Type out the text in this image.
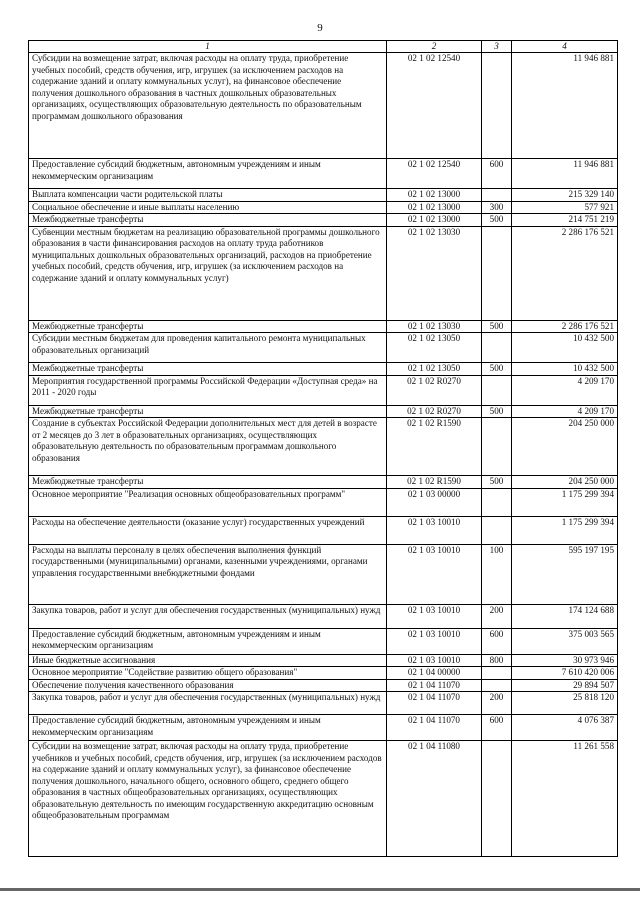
9
1	2	3	4
Субсидии на возмещение затрат, включая расходы на оплату труда, приобретение учебных пособий, средств обучения, игр, игрушек (за исключением расходов на содержание зданий и оплату коммунальных услуг), на финансовое обеспечение получения дошкольного образования в частных дошкольных образовательных организациях, осуществляющих образовательную деятельность по образовательным программам дошкольного образования	02 1 02 12540		11 946 881
Предоставление субсидий бюджетным, автономным учреждениям и иным некоммерческим организациям	02 1 02 12540	600	11 946 881
Выплата компенсации части родительской платы	02 1 02 13000		215 329 140
Социальное обеспечение и иные выплаты населению	02 1 02 13000	300	577 921
Межбюджетные трансферты	02 1 02 13000	500	214 751 219
Субвенции местным бюджетам на реализацию образовательной программы дошкольного образования в части финансирования расходов на оплату труда работников муниципальных дошкольных образовательных организаций, расходов на приобретение учебных пособий, средств обучения, игр, игрушек (за исключением расходов на содержание зданий и оплату коммунальных услуг)	02 1 02 13030		2 286 176 521
Межбюджетные трансферты	02 1 02 13030	500	2 286 176 521
Субсидии местным бюджетам для проведения капитального ремонта муниципальных образовательных организаций	02 1 02 13050		10 432 500
Межбюджетные трансферты	02 1 02 13050	500	10 432 500
Мероприятия государственной программы Российской Федерации «Доступная среда» на 2011 - 2020 годы	02 1 02 R0270		4 209 170
Межбюджетные трансферты	02 1 02 R0270	500	4 209 170
Создание в субъектах Российской Федерации дополнительных мест для детей в возрасте от 2 месяцев до 3 лет в образовательных организациях, осуществляющих образовательную деятельность по образовательным программам дошкольного образования	02 1 02 R1590		204 250 000
Межбюджетные трансферты	02 1 02 R1590	500	204 250 000
Основное мероприятие "Реализация основных общеобразовательных программ"	02 1 03 00000		1 175 299 394
Расходы на обеспечение деятельности (оказание услуг) государственных учреждений	02 1 03 10010		1 175 299 394
Расходы на выплаты персоналу в целях обеспечения выполнения функций государственными (муниципальными) органами, казенными учреждениями, органами управления государственными внебюджетными фондами	02 1 03 10010	100	595 197 195
Закупка товаров, работ и услуг для обеспечения государственных (муниципальных) нужд	02 1 03 10010	200	174 124 688
Предоставление субсидий бюджетным, автономным учреждениям и иным некоммерческим организациям	02 1 03 10010	600	375 003 565
Иные бюджетные ассигнования	02 1 03 10010	800	30 973 946
Основное мероприятие "Содействие развитию общего образования"	02 1 04 00000		7 610 420 006
Обеспечение получения качественного образования	02 1 04 11070		29 894 507
Закупка товаров, работ и услуг для обеспечения государственных (муниципальных) нужд	02 1 04 11070	200	25 818 120
Предоставление субсидий бюджетным, автономным учреждениям и иным некоммерческим организациям	02 1 04 11070	600	4 076 387
Субсидии на возмещение затрат, включая расходы на оплату труда, приобретение учебников и учебных пособий, средств обучения, игр, игрушек (за исключением расходов на содержание зданий и оплату коммунальных услуг), за финансовое обеспечение получения дошкольного, начального общего, основного общего, среднего общего образования в частных общеобразовательных организациях, осуществляющих образовательную деятельность по имеющим государственную аккредитацию основным общеобразовательным программам	02 1 04 11080		11 261 558
